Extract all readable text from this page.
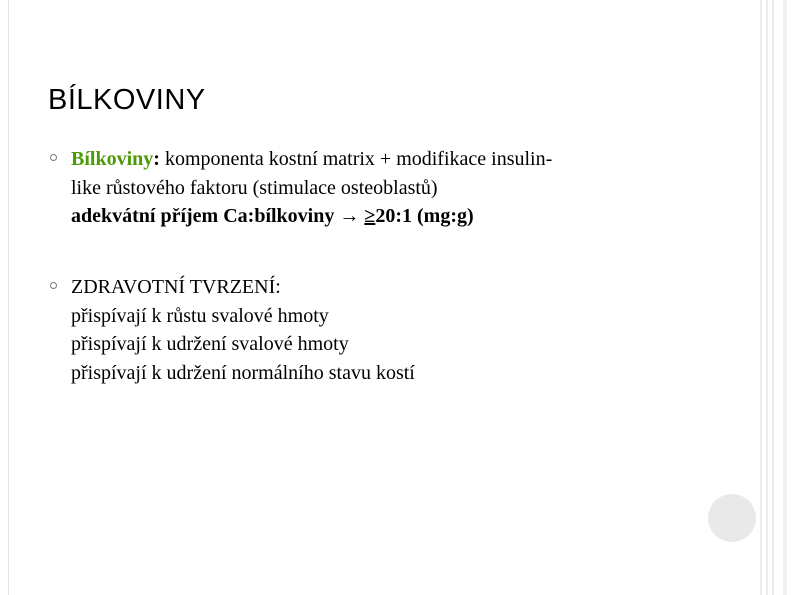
BÍLKOVINY
Bílkoviny: komponenta kostní matrix + modifikace insulin-
like růstového faktoru (stimulace osteoblastů)
adekvátní příjem Ca:bílkoviny → ≥20:1 (mg:g)
ZDRAVOTNÍ TVRZENÍ:
přispívají k růstu svalové hmoty
přispívají k udržení svalové hmoty
přispívají k udržení normálního stavu kostí
